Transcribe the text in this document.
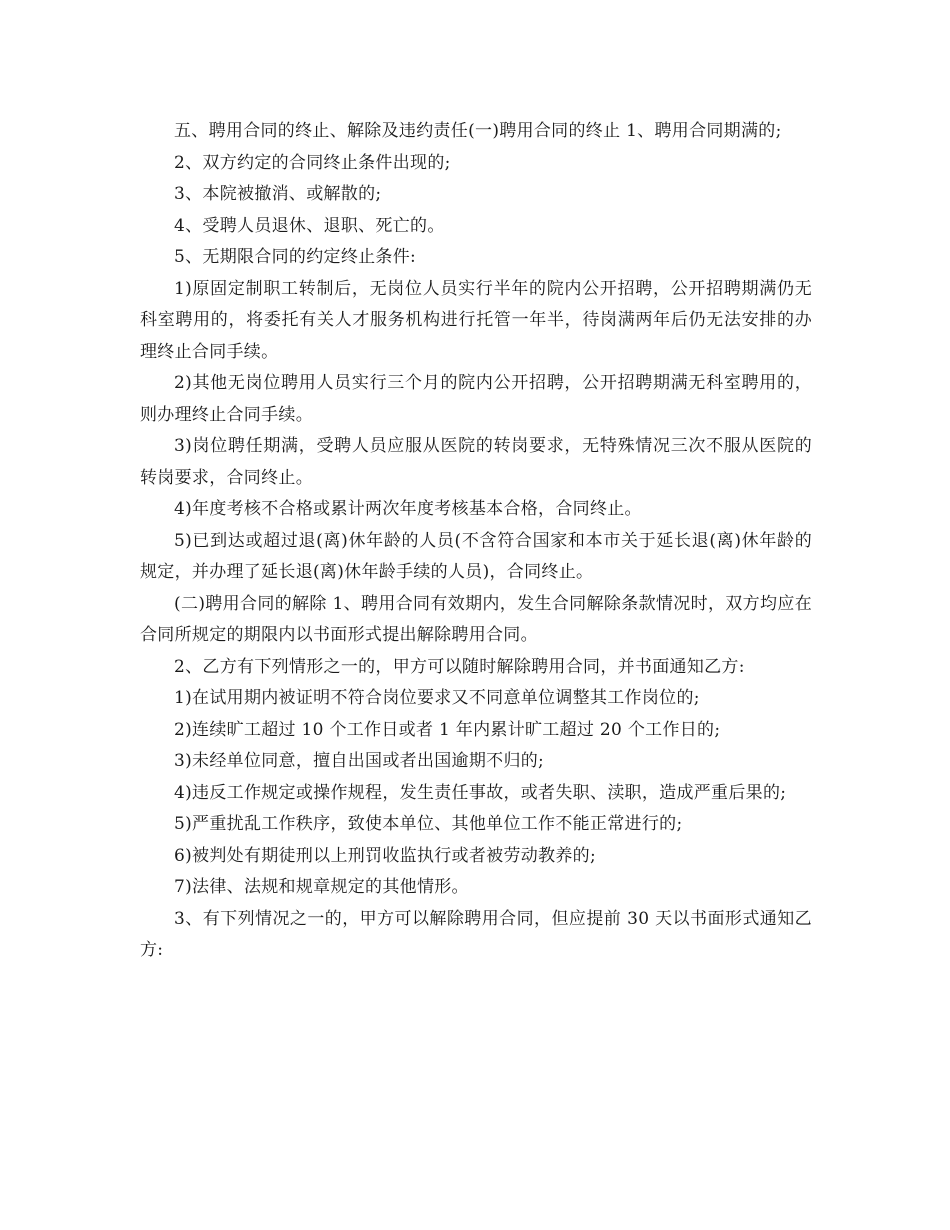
五、聘用合同的终止、解除及违约责任(一)聘用合同的终止 1、聘用合同期满的;

2、双方约定的合同终止条件出现的;

3、本院被撤消、或解散的;

4、受聘人员退休、退职、死亡的。

5、无期限合同的约定终止条件:

1)原固定制职工转制后，无岗位人员实行半年的院内公开招聘，公开招聘期满仍无科室聘用的，将委托有关人才服务机构进行托管一年半，待岗满两年后仍无法安排的办理终止合同手续。

2)其他无岗位聘用人员实行三个月的院内公开招聘，公开招聘期满无科室聘用的，则办理终止合同手续。

3)岗位聘任期满，受聘人员应服从医院的转岗要求，无特殊情况三次不服从医院的转岗要求，合同终止。

4)年度考核不合格或累计两次年度考核基本合格，合同终止。

5)已到达或超过退(离)休年龄的人员(不含符合国家和本市关于延长退(离)休年龄的规定，并办理了延长退(离)休年龄手续的人员)，合同终止。

(二)聘用合同的解除 1、聘用合同有效期内，发生合同解除条款情况时，双方均应在合同所规定的期限内以书面形式提出解除聘用合同。

2、乙方有下列情形之一的，甲方可以随时解除聘用合同，并书面通知乙方:

1)在试用期内被证明不符合岗位要求又不同意单位调整其工作岗位的;

2)连续旷工超过 10 个工作日或者 1 年内累计旷工超过 20 个工作日的;

3)未经单位同意，擅自出国或者出国逾期不归的;

4)违反工作规定或操作规程，发生责任事故，或者失职、渎职，造成严重后果的;

5)严重扰乱工作秩序，致使本单位、其他单位工作不能正常进行的;

6)被判处有期徒刑以上刑罚收监执行或者被劳动教养的;

7)法律、法规和规章规定的其他情形。

3、有下列情况之一的，甲方可以解除聘用合同，但应提前 30 天以书面形式通知乙方:
